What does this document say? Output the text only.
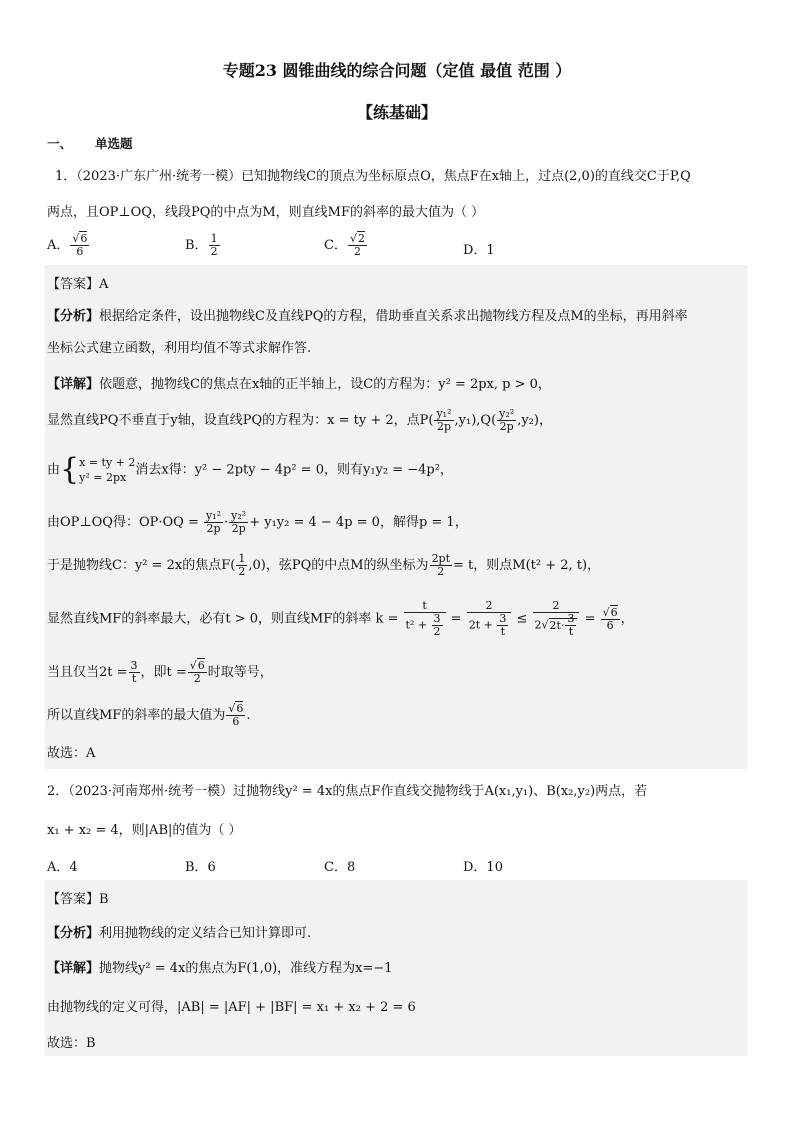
专题23 圆锥曲线的综合问题（定值 最值 范围 ）
【练基础】
一、 单选题
1．（2023·广东广州·统考一模）已知抛物线C的顶点为坐标原点O，焦点F在x轴上，过点(2,0)的直线交C于P,Q
两点，且OP⊥OQ，线段PQ的中点为M，则直线MF的斜率的最大值为（ ）
A． $\frac{√6}{6}$	B． $\frac{1}{2}$	C． $\frac{√2}{2}$	D．1
【答案】A
【分析】根据给定条件，设出抛物线C及直线PQ的方程，借助垂直关系求出抛物线方程及点M的坐标，再用斜率
坐标公式建立函数，利用均值不等式求解作答.
【详解】依题意，抛物线C的焦点在x轴的正半轴上，设C的方程为：y² = 2px, p > 0，
显然直线PQ不垂直于y轴，设直线PQ的方程为：x = ty + 2，点$P( \frac{\text{y₁²}}{2p} ,y_1),Q( \frac{\text{y₂²}}{2p} ,y_2)$，
由{x = ty + 2
y² = 2px 消去x得：y² − 2pty − 4p² = 0，则有y₁y₂ = −4p²，
由OP⊥OQ得：$OP\cdot OQ = \frac{\text{y₁²}}{2p} \cdot \frac{\text{y₂²}}{2p} + y_1y_2 = 4 - 4p = 0$，解得p = 1，
于是抛物线C：y² = 2x的焦点$F( \frac{1}{2} ,0)$，弦PQ的中点M的纵坐标为 $\frac{2pt}{2} = t$，则点M(t² + 2, t)，
显然直线MF的斜率最大，必有t > 0，则直线MF的斜率 $k = \frac{t}{t^2 + \frac{3}{2}} = \frac{2}{2t + \frac{3}{t}} \le \frac{2}{2√2t\cdot \frac{3}{t}} = \frac{√6}{6}$ ，
当且仅当$2t = \frac{3}{t}$ ，即$t = \frac{√6}{2}$ 时取等号，
所以直线MF的斜率的最大值为 $\frac{√6}{6}$ .
故选：A
2．（2023·河南郑州·统考一模）过抛物线y² = 4x的焦点F作直线交抛物线于A(x₁,y₁)、B(x₂,y₂)两点，若
x₁ + x₂ = 4，则|AB|的值为（ ）
A．4	B．6	C．8	D．10
【答案】B
【分析】利用抛物线的定义结合已知计算即可.
【详解】抛物线y² = 4x的焦点为F(1,0)，准线方程为x=−1
由抛物线的定义可得，|AB| = |AF| + |BF| = x₁ + x₂ + 2 = 6
故选：B
